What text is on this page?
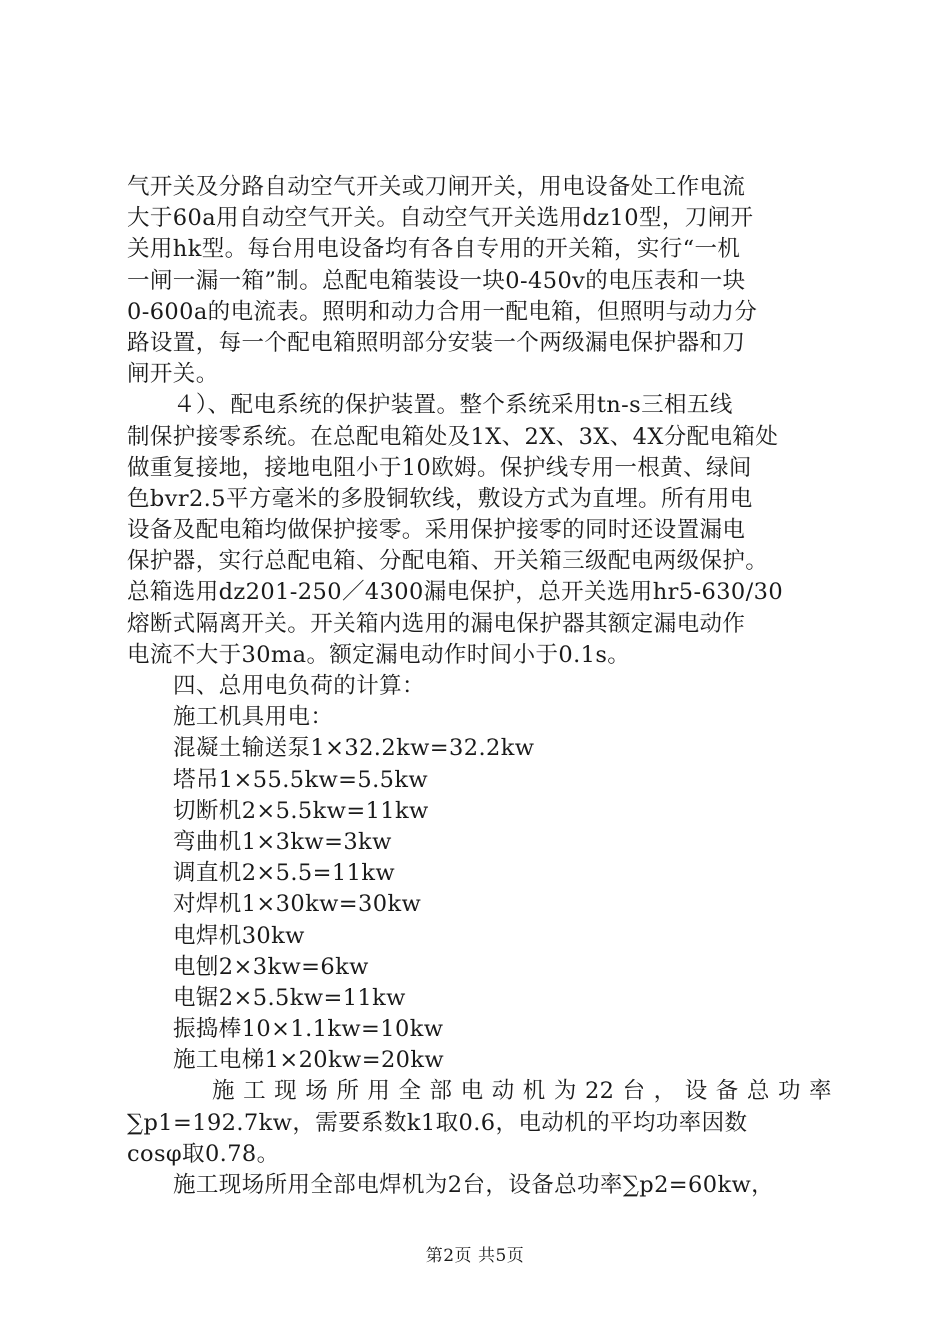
气开关及分路自动空气开关或刀闸开关，用电设备处工作电流
大于60a用自动空气开关。自动空气开关选用dz10型，刀闸开
关用hk型。每台用电设备均有各自专用的开关箱，实行“一机
一闸一漏一箱”制。总配电箱装设一块0-450v的电压表和一块
0-600a的电流表。照明和动力合用一配电箱，但照明与动力分
路设置，每一个配电箱照明部分安装一个两级漏电保护器和刀
闸开关。
４）、配电系统的保护装置。整个系统采用tn-s三相五线
制保护接零系统。在总配电箱处及1X、2X、3X、4X分配电箱处
做重复接地，接地电阻小于10欧姆。保护线专用一根黄、绿间
色bvr2.5平方毫米的多股铜软线，敷设方式为直埋。所有用电
设备及配电箱均做保护接零。采用保护接零的同时还设置漏电
保护器，实行总配电箱、分配电箱、开关箱三级配电两级保护。
总箱选用dz201-250／4300漏电保护，总开关选用hr5-630/30
熔断式隔离开关。开关箱内选用的漏电保护器其额定漏电动作
电流不大于30ma。额定漏电动作时间小于0.1s。
四、总用电负荷的计算：
施工机具用电：
混凝土输送泵1×32.2kw=32.2kw
塔吊1×55.5kw=5.5kw
切断机2×5.5kw=11kw
弯曲机1×3kw=3kw
调直机2×5.5=11kw
对焊机1×30kw=30kw
电焊机30kw
电刨2×3kw=6kw
电锯2×5.5kw=11kw
振捣棒10×1.1kw=10kw
施工电梯1×20kw=20kw
施 工 现 场 所 用 全 部 电 动 机 为 22 台 ， 设 备 总 功 率
∑p1=192.7kw，需要系数k1取0.6，电动机的平均功率因数
cosφ取0.78。
施工现场所用全部电焊机为2台，设备总功率∑p2=60kw，
第2页 共5页
